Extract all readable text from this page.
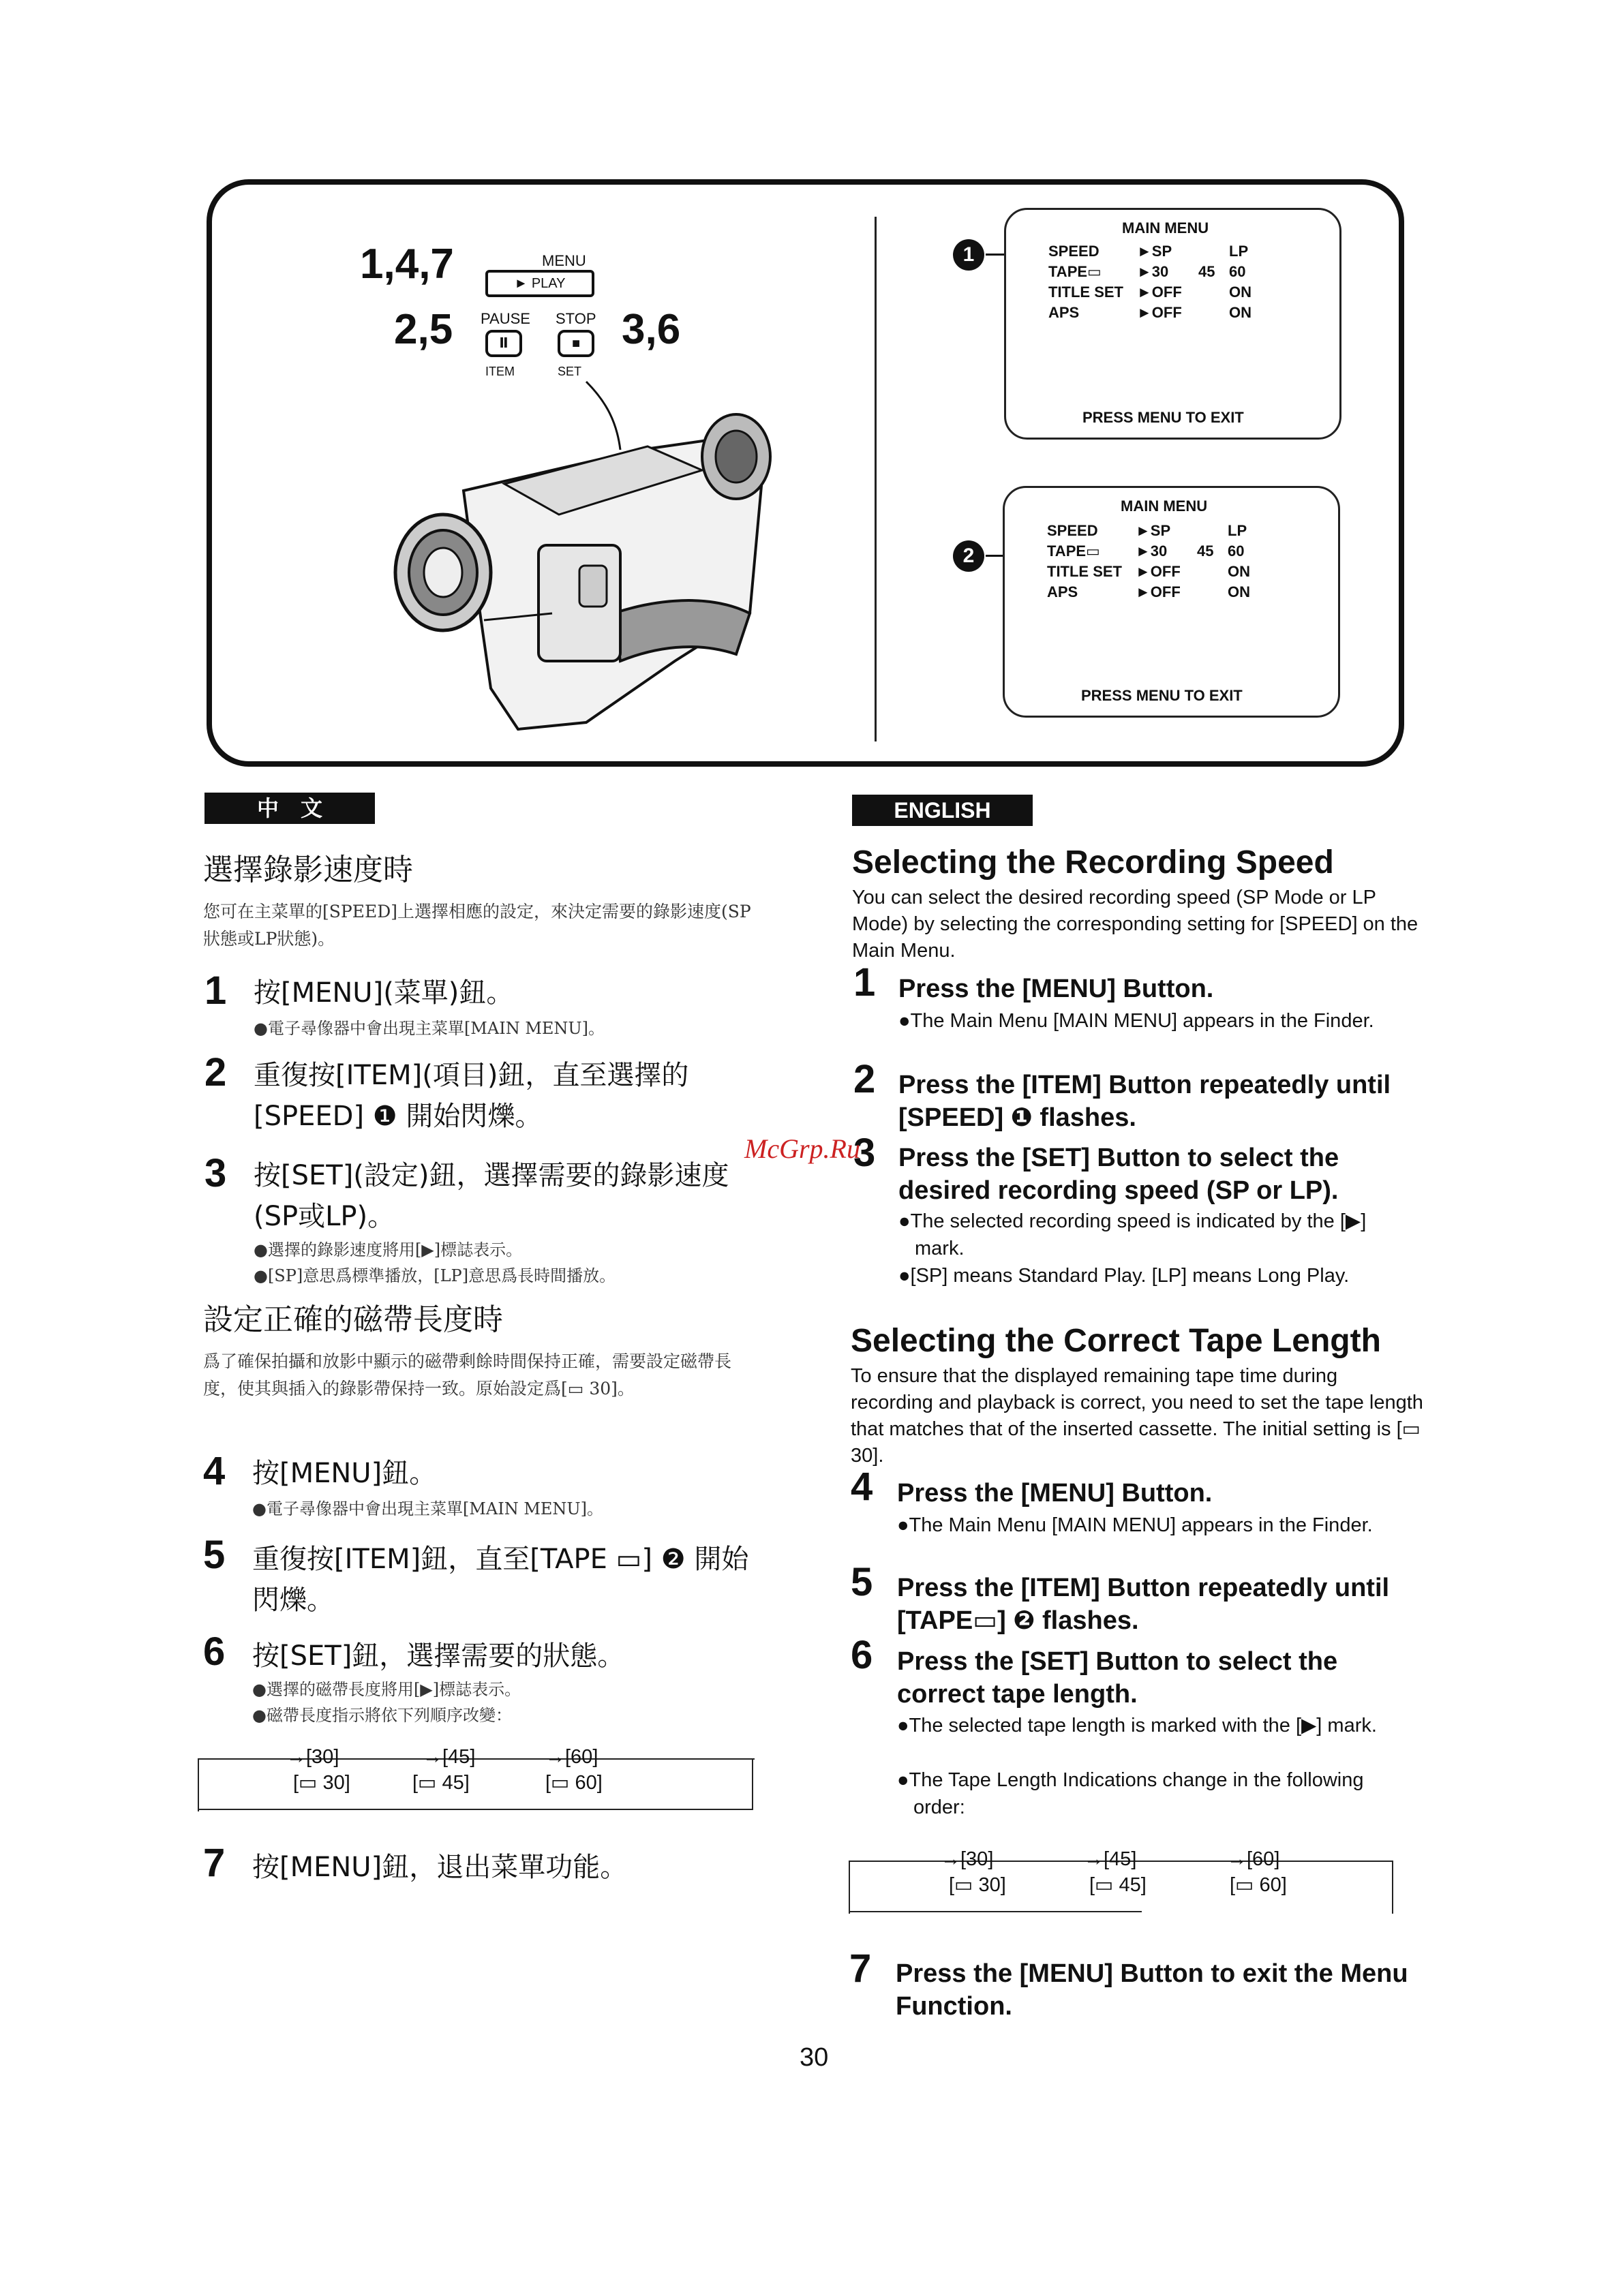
1,4,7
2,5	3,6
MENU
► PLAY
PAUSE STOP
Ⅱ	■
ITEM	SET
1
2
MAIN MENU
SPEED	►SP	LP
TAPE▭ ►30 45 60
TITLE SET ►OFF	ON
APS	►OFF	ON
PRESS MENU TO EXIT
MAIN MENU
SPEED	►SP	LP
TAPE▭ ►30 45 60
TITLE SET ►OFF	ON
APS	►OFF	ON
PRESS MENU TO EXIT
中　文
選擇錄影速度時
您可在主菜單的[SPEED]上選擇相應的設定，來決定需要的錄影速度(SP狀態或LP狀態)。
1 按[MENU](菜單)鈕。
●電子尋像器中會出現主菜單[MAIN MENU]。
2 重復按[ITEM](項目)鈕，直至選擇的[SPEED] ❶ 開始閃爍。
3 按[SET](設定)鈕，選擇需要的錄影速度(SP或LP)。
●選擇的錄影速度將用[▶]標誌表示。
●[SP]意思爲標準播放，[LP]意思爲長時間播放。
設定正確的磁帶長度時
爲了確保拍攝和放影中顯示的磁帶剩餘時間保持正確，需要設定磁帶長度，使其與插入的錄影帶保持一致。原始設定爲[▭ 30]。
4 按[MENU]鈕。
●電子尋像器中會出現主菜單[MAIN MENU]。
5 重復按[ITEM]鈕，直至[TAPE ▭] ❷ 開始閃爍。
6 按[SET]鈕，選擇需要的狀態。
●選擇的磁帶長度將用[▶]標誌表示。
●磁帶長度指示將依下列順序改變：
→[30]	→[45]	→[60]
[▭ 30]	[▭ 45]	[▭ 60]
7 按[MENU]鈕，退出菜單功能。
ENGLISH
Selecting the Recording Speed
You can select the desired recording speed (SP Mode or LP Mode) by selecting the corresponding setting for [SPEED] on the Main Menu.
1 Press the [MENU] Button.
●The Main Menu [MAIN MENU] appears in the Finder.
2 Press the [ITEM] Button repeatedly until [SPEED] ❶ flashes.
3 Press the [SET] Button to select the desired recording speed (SP or LP).
●The selected recording speed is indicated by the [▶] mark.
●[SP] means Standard Play. [LP] means Long Play.
Selecting the Correct Tape Length
To ensure that the displayed remaining tape time during recording and playback is correct, you need to set the tape length that matches that of the inserted cassette. The initial setting is [▭ 30].
4 Press the [MENU] Button.
●The Main Menu [MAIN MENU] appears in the Finder.
5 Press the [ITEM] Button repeatedly until [TAPE▭] ❷ flashes.
6 Press the [SET] Button to select the correct tape length.
●The selected tape length is marked with the [▶] mark.
●The Tape Length Indications change in the following order:
→[30]	→[45]	→[60]
[▭ 30]	[▭ 45]	[▭ 60]
7 Press the [MENU] Button to exit the Menu Function.
McGrp.Ru
30
